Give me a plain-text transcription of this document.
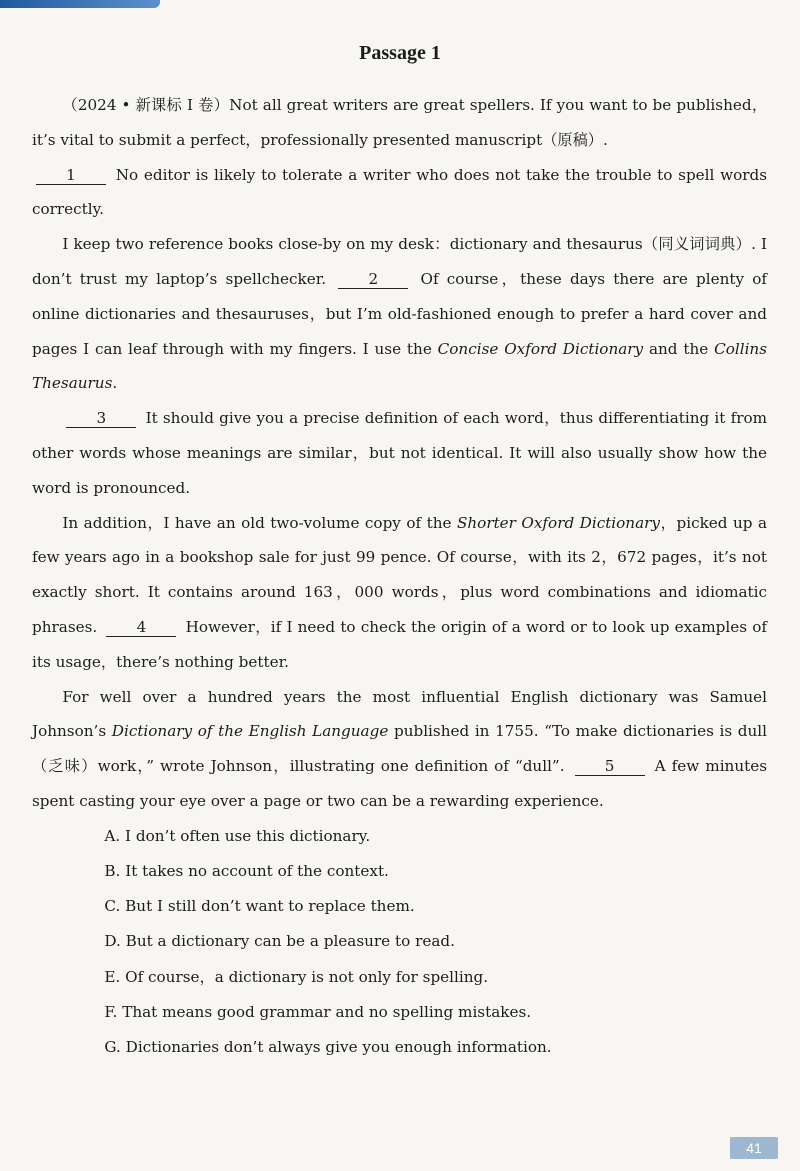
Passage 1

（2024 • 新课标 Ⅰ 卷）Not all great writers are great spellers. If you want to be published，it’s vital to submit a perfect，professionally presented manuscript（原稿）.

1	No editor is likely to tolerate a writer who does not take the trouble to spell words correctly.

I keep two reference books close-by on my desk：dictionary and thesaurus（同义词词典）. I don’t trust my laptop’s spellchecker.	2	Of course，these days there are plenty of online dictionaries and thesauruses，but I’m old-fashioned enough to prefer a hard cover and pages I can leaf through with my fingers. I use the Concise Oxford Dictionary and the Collins Thesaurus.

3	It should give you a precise definition of each word，thus differentiating it from other words whose meanings are similar，but not identical. It will also usually show how the word is pronounced.

In addition，I have an old two-volume copy of the Shorter Oxford Dictionary，picked up a few years ago in a bookshop sale for just 99 pence. Of course，with its 2，672 pages，it’s not exactly short. It contains around 163，000 words，plus word combinations and idiomatic phrases.	4	However，if I need to check the origin of a word or to look up examples of its usage，there’s nothing better.

For well over a hundred years the most influential English dictionary was Samuel Johnson’s Dictionary of the English Language published in 1755. “To make dictionaries is dull（乏味）work，” wrote Johnson，illustrating one definition of “dull”.	5	A few minutes spent casting your eye over a page or two can be a rewarding experience.

A. I don’t often use this dictionary.

B. It takes no account of the context.

C. But I still don’t want to replace them.

D. But a dictionary can be a pleasure to read.

E. Of course，a dictionary is not only for spelling.

F. That means good grammar and no spelling mistakes.

G. Dictionaries don’t always give you enough information.

41
